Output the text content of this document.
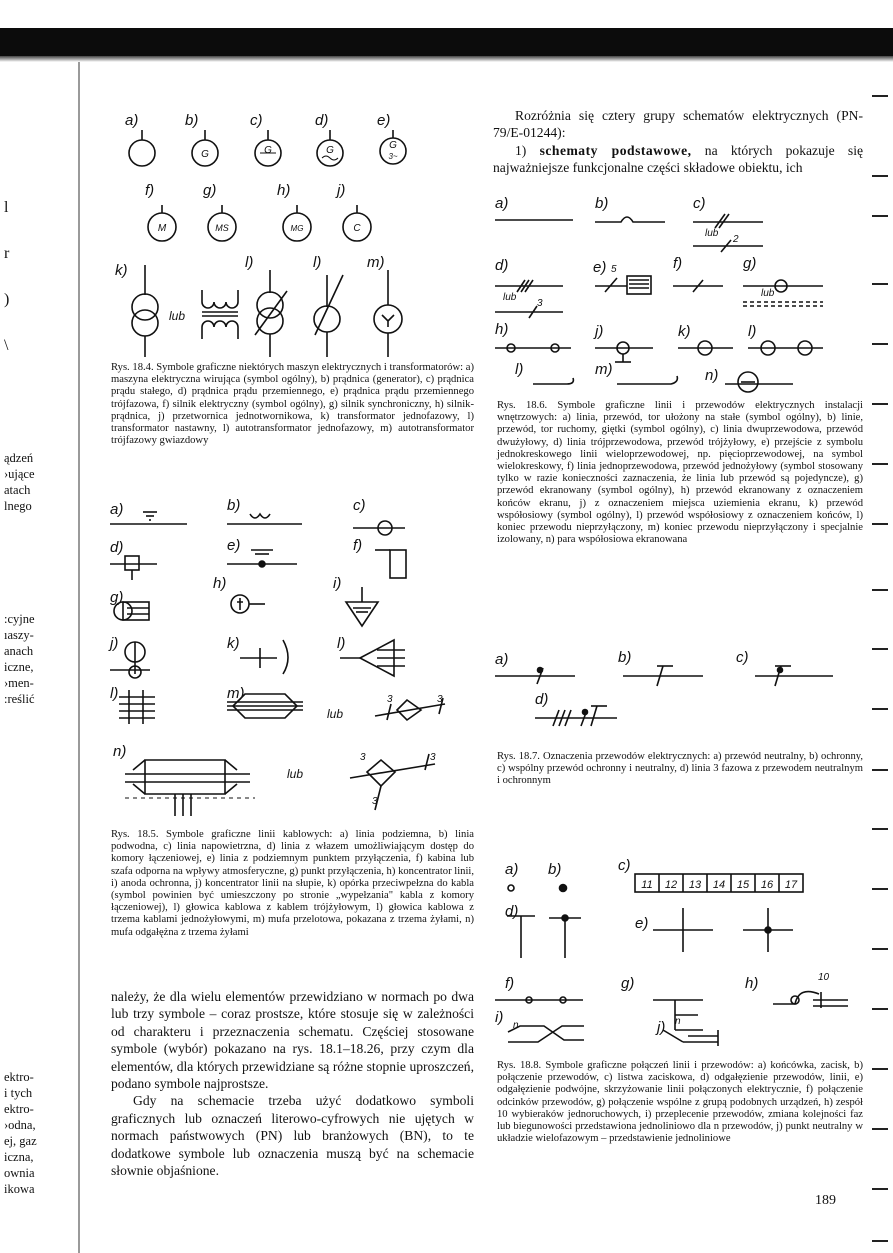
l
r
)
\
ądzeń
›ujące
atach
lnego
:cyjne
ıaszy-
anach
iczne,
›men-
:reślić
ektro-
i tych
ektro-
›odna,
ej, gaz
iczna,
ownia
ikowa
a)	b)	c)	d)	e)
f)	g)	h)	j)
k)	l)	l)	m)
G	G	G	G
3~
M	MS	MG	C
lub
Rys. 18.4. Symbole graficzne niektórych maszyn elektrycznych i transformatorów: a) maszyna elektryczna wirująca (symbol ogólny), b) prądnica (generator), c) prądnica prądu stałego, d) prądnica prądu przemiennego, e) prądnica prądu przemiennego trójfazowa, f) silnik elektryczny (symbol ogólny), g) silnik synchroniczny, h) silnik-prądnica, j) przetwornica jednotwornikowa, k) transformator jednofazowy, l) transformator nastawny, l) autotransformator jednofazowy, m) autotransformator trójfazowy gwiazdowy
a)	b)	c)
d)	e)	f)
g)
h)	i)
j)	k)	l)
l)	m)
n)
3	3
lub
3	3
lub
3
Rys. 18.5. Symbole graficzne linii kablowych: a) linia podziemna, b) linia podwodna, c) linia napowietrzna, d) linia z włazem umożliwiającym dostęp do komory łączeniowej, e) linia z podziemnym punktem przyłączenia, f) kabina lub szafa odporna na wpływy atmosferyczne, g) punkt przyłączenia, h) koncentrator linii, i) anoda ochronna, j) koncentrator linii na słupie, k) opórka przeciwpełzna do kabla (symbol powinien być umieszczony po stronie „wypełzania" kabla z komory łączeniowej), l) głowica kablowa z kablem trójżyłowym, l) głowica kablowa z trzema kablami jednożyłowymi, m) mufa przelotowa, pokazana z trzema żyłami, n) mufa odgałężna z trzema żyłami

należy, że dla wielu elementów przewidziano w normach po dwa lub trzy symbole – coraz prostsze, które stosuje się w zależności od charakteru i przeznaczenia schematu. Częściej stosowane symbole (wybór) pokazano na rys. 18.1–18.26, przy czym dla elementów, dla których przewidziane są różne stopnie uproszczeń, podano symbole najprostsze.

Gdy na schemacie trzeba użyć dodatkowo symboli graficznych lub oznaczeń literowo-cyfrowych nie ujętych w normach państwowych (PN) lub branżowych (BN), to te dodatkowe symbole lub oznaczenia muszą być na schemacie słownie objaśnione.

Rozróżnia się cztery grupy schematów elektrycznych (PN-79/E-01244):

1) schematy podstawowe, na których pokazuje się najważniejsze funkcjonalne części składowe obiektu, ich

a)	b)	c)
d)	e)	f)	g)
h)	j)	k)	l)
l)	m)	n)
lub
2
5
lub
3
lub
Rys. 18.6. Symbole graficzne linii i przewodów elektrycznych instalacji wnętrzowych: a) linia, przewód, tor ułożony na stałe (symbol ogólny), b) linie, przewód, tor ruchomy, giętki (symbol ogólny), c) linia dwuprzewodowa, przewód dwużyłowy, d) linia trójprzewodowa, przewód trójżyłowy, e) przejście z symbolu jednokreskowego linii wieloprzewodowej, np. pięcioprzewodowej, na symbol wielokreskowy, f) linia jednoprzewodowa, przewód jednożyłowy (symbol stosowany tylko w razie konieczności zaznaczenia, że linia lub przewód są pojedyncze), g) przewód ekranowany (symbol ogólny), h) przewód ekranowany z oznaczeniem końców ekranu, j) z oznaczeniem miejsca uziemienia ekranu, k) przewód współosiowy (symbol ogólny), l) przewód współosiowy z oznaczeniem końców, l) koniec przewodu nieprzyłączony, m) koniec przewodu nieprzyłączony i specjalnie izolowany, n) para współosiowa ekranowana
a)	b)	c)
d)
Rys. 18.7. Oznaczenia przewodów elektrycznych: a) przewód neutralny, b) ochronny, c) wspólny przewód ochronny i neutralny, d) linia 3 fazowa z przewodem neutralnym i ochronnym
a) b)	c)
d)
e)
f)	g)	h)
i)
j)
11 12 13 14 15 16 17
10
n	n
Rys. 18.8. Symbole graficzne połączeń linii i przewodów: a) końcówka, zacisk, b) połączenie przewodów, c) listwa zaciskowa, d) odgałęzienie przewodów, linii, e) odgałęzienie podwójne, skrzyżowanie linii połączonych elektrycznie, f) połączenie odcinków przewodów, g) połączenie wspólne z grupą podobnych urządzeń, h) zespół 10 wybieraków jednoruchowych, i) przeplecenie przewodów, zmiana kolejności faz lub biegunowości przedstawiona jednoliniowo dla n przewodów, j) punkt neutralny w układzie wielofazowym – przedstawienie jednoliniowe
189
